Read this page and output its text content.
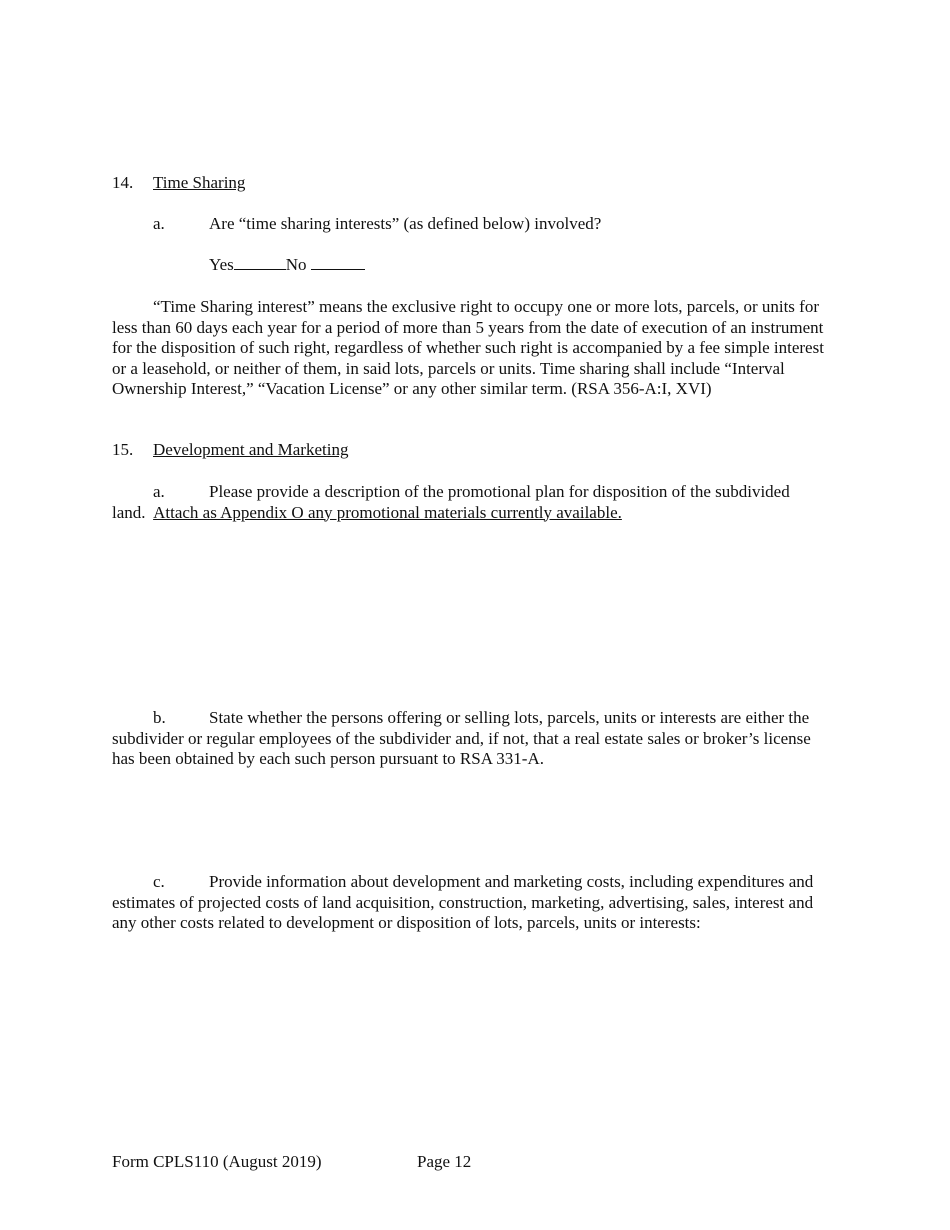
14. Time Sharing
a.	Are “time sharing interests” (as defined below) involved?
Yes	No

“Time Sharing interest” means the exclusive right to occupy one or more lots, parcels, or units for less than 60 days each year for a period of more than 5 years from the date of execution of an instrument for the disposition of such right, regardless of whether such right is accompanied by a fee simple interest or a leasehold, or neither of them, in said lots, parcels or units. Time sharing shall include “Interval Ownership Interest,” “Vacation License” or any other similar term. (RSA 356-A:I, XVI)

15. Development and Marketing

a.	Please provide a description of the promotional plan for disposition of the subdivided land. Attach as Appendix O any promotional materials currently available.

b.	State whether the persons offering or selling lots, parcels, units or interests are either the subdivider or regular employees of the subdivider and, if not, that a real estate sales or broker’s license has been obtained by each such person pursuant to RSA 331-A.

c.	Provide information about development and marketing costs, including expenditures and estimates of projected costs of land acquisition, construction, marketing, advertising, sales, interest and any other costs related to development or disposition of lots, parcels, units or interests:

Form CPLS110 (August 2019)	Page 12
